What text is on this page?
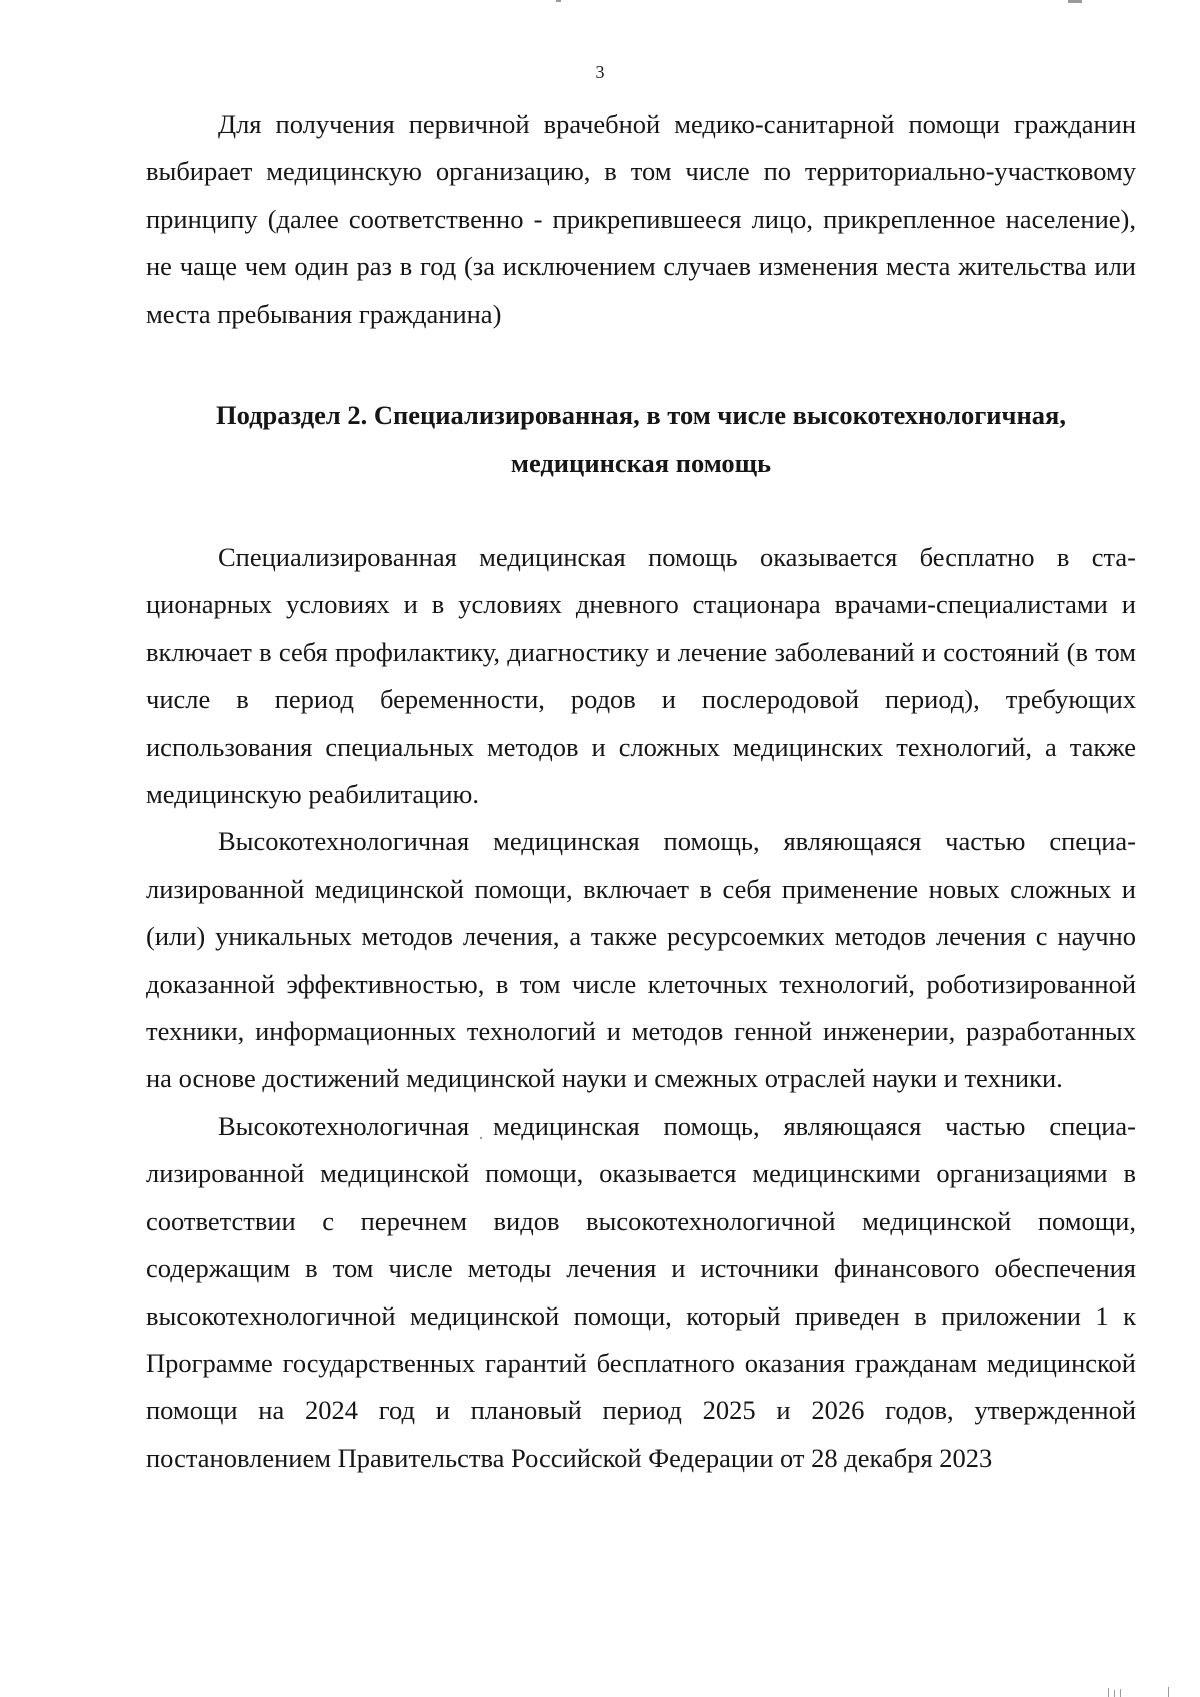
3

Для получения первичной врачебной медико-санитарной помощи граждaнин выбирает медицинскую организацию, в том числе по территориально-участковому принципу (далее соответственно - прикрепившееся лицо, прикрепленное население), не чаще чем один раз в год (за исключением случаев изменения места жительства или места пребывания гражданина)

Подраздел 2. Специализированная, в том числе высокотехнологичная,
медицинская помощь

Специализированная медицинская помощь оказывается бесплатно в стационарных условиях и в условиях дневного стационара врачами-специалистами и включает в себя профилактику, диагностику и лечение заболеваний и состояний (в том числе в период беременности, родов и послеродовой период), требующих использования специальных методов и сложных медицинских технологий, а также медицинскую реабилитацию.

Высокотехнологичная медицинская помощь, являющаяся частью специализированной медицинской помощи, включает в себя применение новых сложных и (или) уникальных методов лечения, а также ресурсоемких методов лечения с научно доказанной эффективностью, в том числе клеточных технологий, роботизированной техники, информационных технологий и методов генной инженерии, разработанных на основе достижений медицинской науки и смежных отраслей науки и техники.

Высокотехнологичная медицинская помощь, являющаяся частью специализированной медицинской помощи, оказывается медицинскими организациями в соответствии с перечнем видов высокотехнологичной медицинской помощи, содержащим в том числе методы лечения и источники финансового обеспечения высокотехнологичной медицинской помощи, который приведен в приложении 1 к Программе государственных гарантий бесплатного оказания гражданам медицинской помощи на 2024 год и плановый период 2025 и 2026 годов, утвержденной постановлением Правительства Российской Федерации от 28 декабря 2023
